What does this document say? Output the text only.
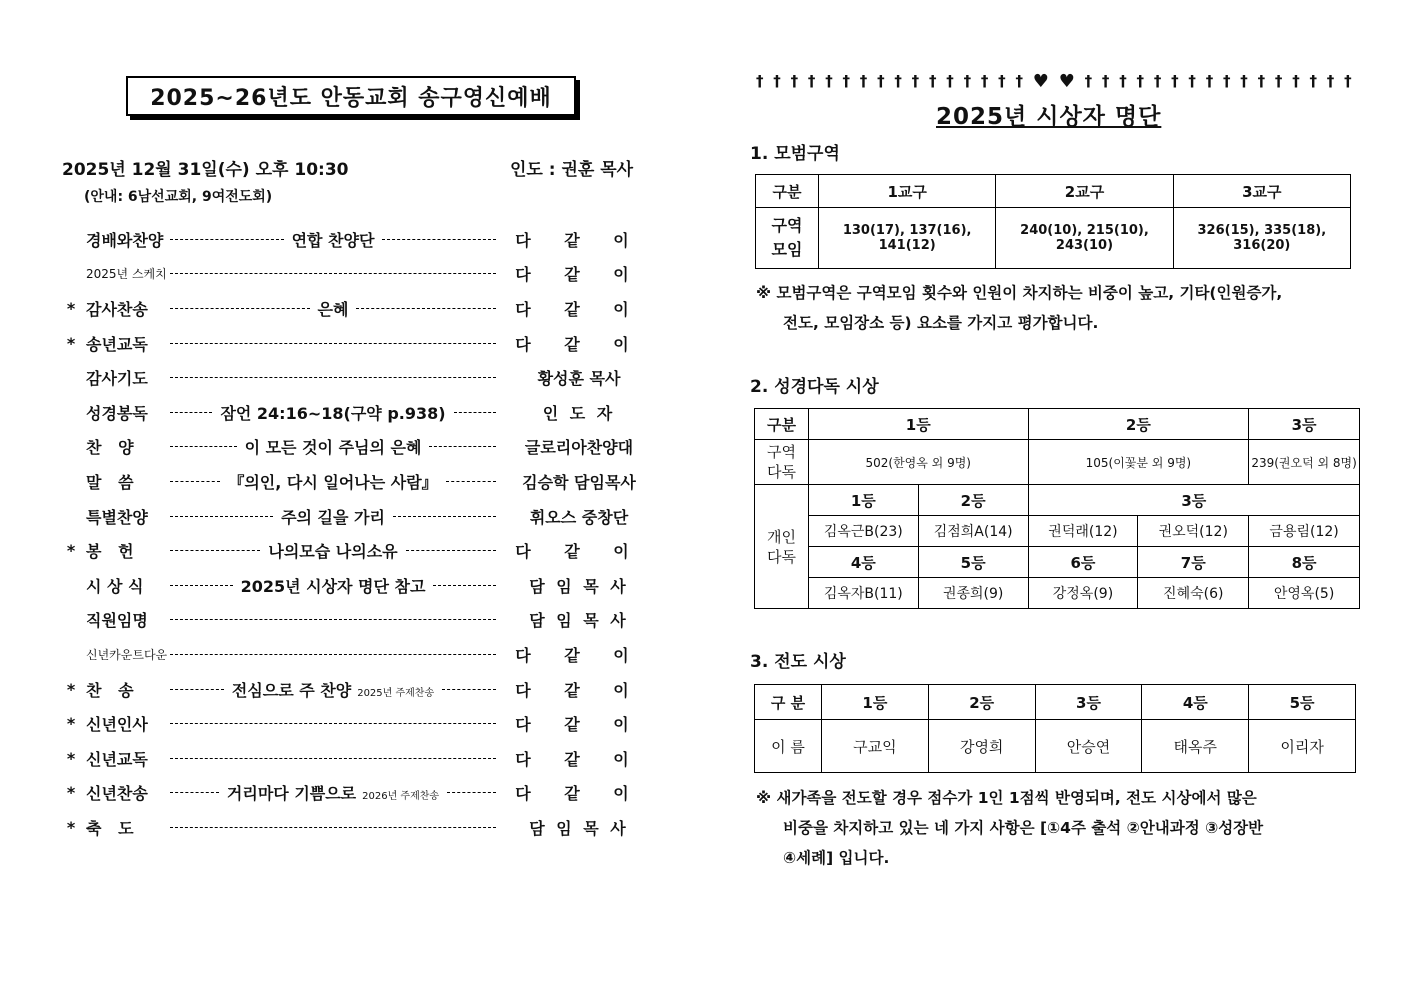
2025~26년도 안동교회 송구영신예배
2025년 12월 31일(수) 오후 10:30	인도 : 권훈 목사
(안내: 6남선교회, 9여전도회)
경배와찬양	연합 찬양단	다 같 이
2025년 스케치	다 같 이
* 감사찬송	은혜	다 같 이
* 송년교독	다 같 이
감사기도	황성훈 목사
성경봉독	잠언 24:16~18(구약 p.938)	인 도 자
찬   양	이 모든 것이 주님의 은혜	글로리아찬양대
말   씀	『의인, 다시 일어나는 사람』	김승학 담임목사
특별찬양	주의 길을 가리	휘오스 중창단
* 봉   헌	나의모습 나의소유	다 같 이
시 상 식	2025년 시상자 명단 참고	담 임 목 사
직원임명	담 임 목 사
신년카운트다운	다 같 이
* 찬   송	전심으로 주 찬양 2025년 주제찬송	다 같 이
* 신년인사	다 같 이
* 신년교독	다 같 이
* 신년찬송	거리마다 기쁨으로 2026년 주제찬송	다 같 이
* 축   도	담 임 목 사
† † † † † † † † † † † † † † † † ♥ ♥ † † † † † † † † † † † † † † † †
2025년 시상자 명단
1. 모범구역
구분	1교구	2교구	3교구
구역
모임	130(17), 137(16), 141(12)	240(10), 215(10), 243(10)	326(15), 335(18), 316(20)
※ 모범구역은 구역모임 횟수와 인원이 차지하는 비중이 높고, 기타(인원증가,
전도, 모임장소 등) 요소를 가지고 평가합니다.
2. 성경다독 시상
구분	1등		2등		3등
구역
다독	502(한영옥 외 9명)		105(이꽃분 외 9명)		239(권오덕 외 8명)
개인
다독	1등	2등	3등		
	김옥근B(23)	김점희A(14)	권덕래(12)	권오덕(12)	금용림(12)
	4등	5등	6등	7등	8등
	김옥자B(11)	권종희(9)	강정옥(9)	진혜숙(6)	안영옥(5)
3. 전도 시상
구 분	1등	2등	3등	4등	5등
이 름	구교익	강영희	안승연	태옥주	이리자
※ 새가족을 전도할 경우 점수가 1인 1점씩 반영되며, 전도 시상에서 많은
비중을 차지하고 있는 네 가지 사항은 [①4주 출석 ②안내과정 ③성장반
④세례] 입니다.
